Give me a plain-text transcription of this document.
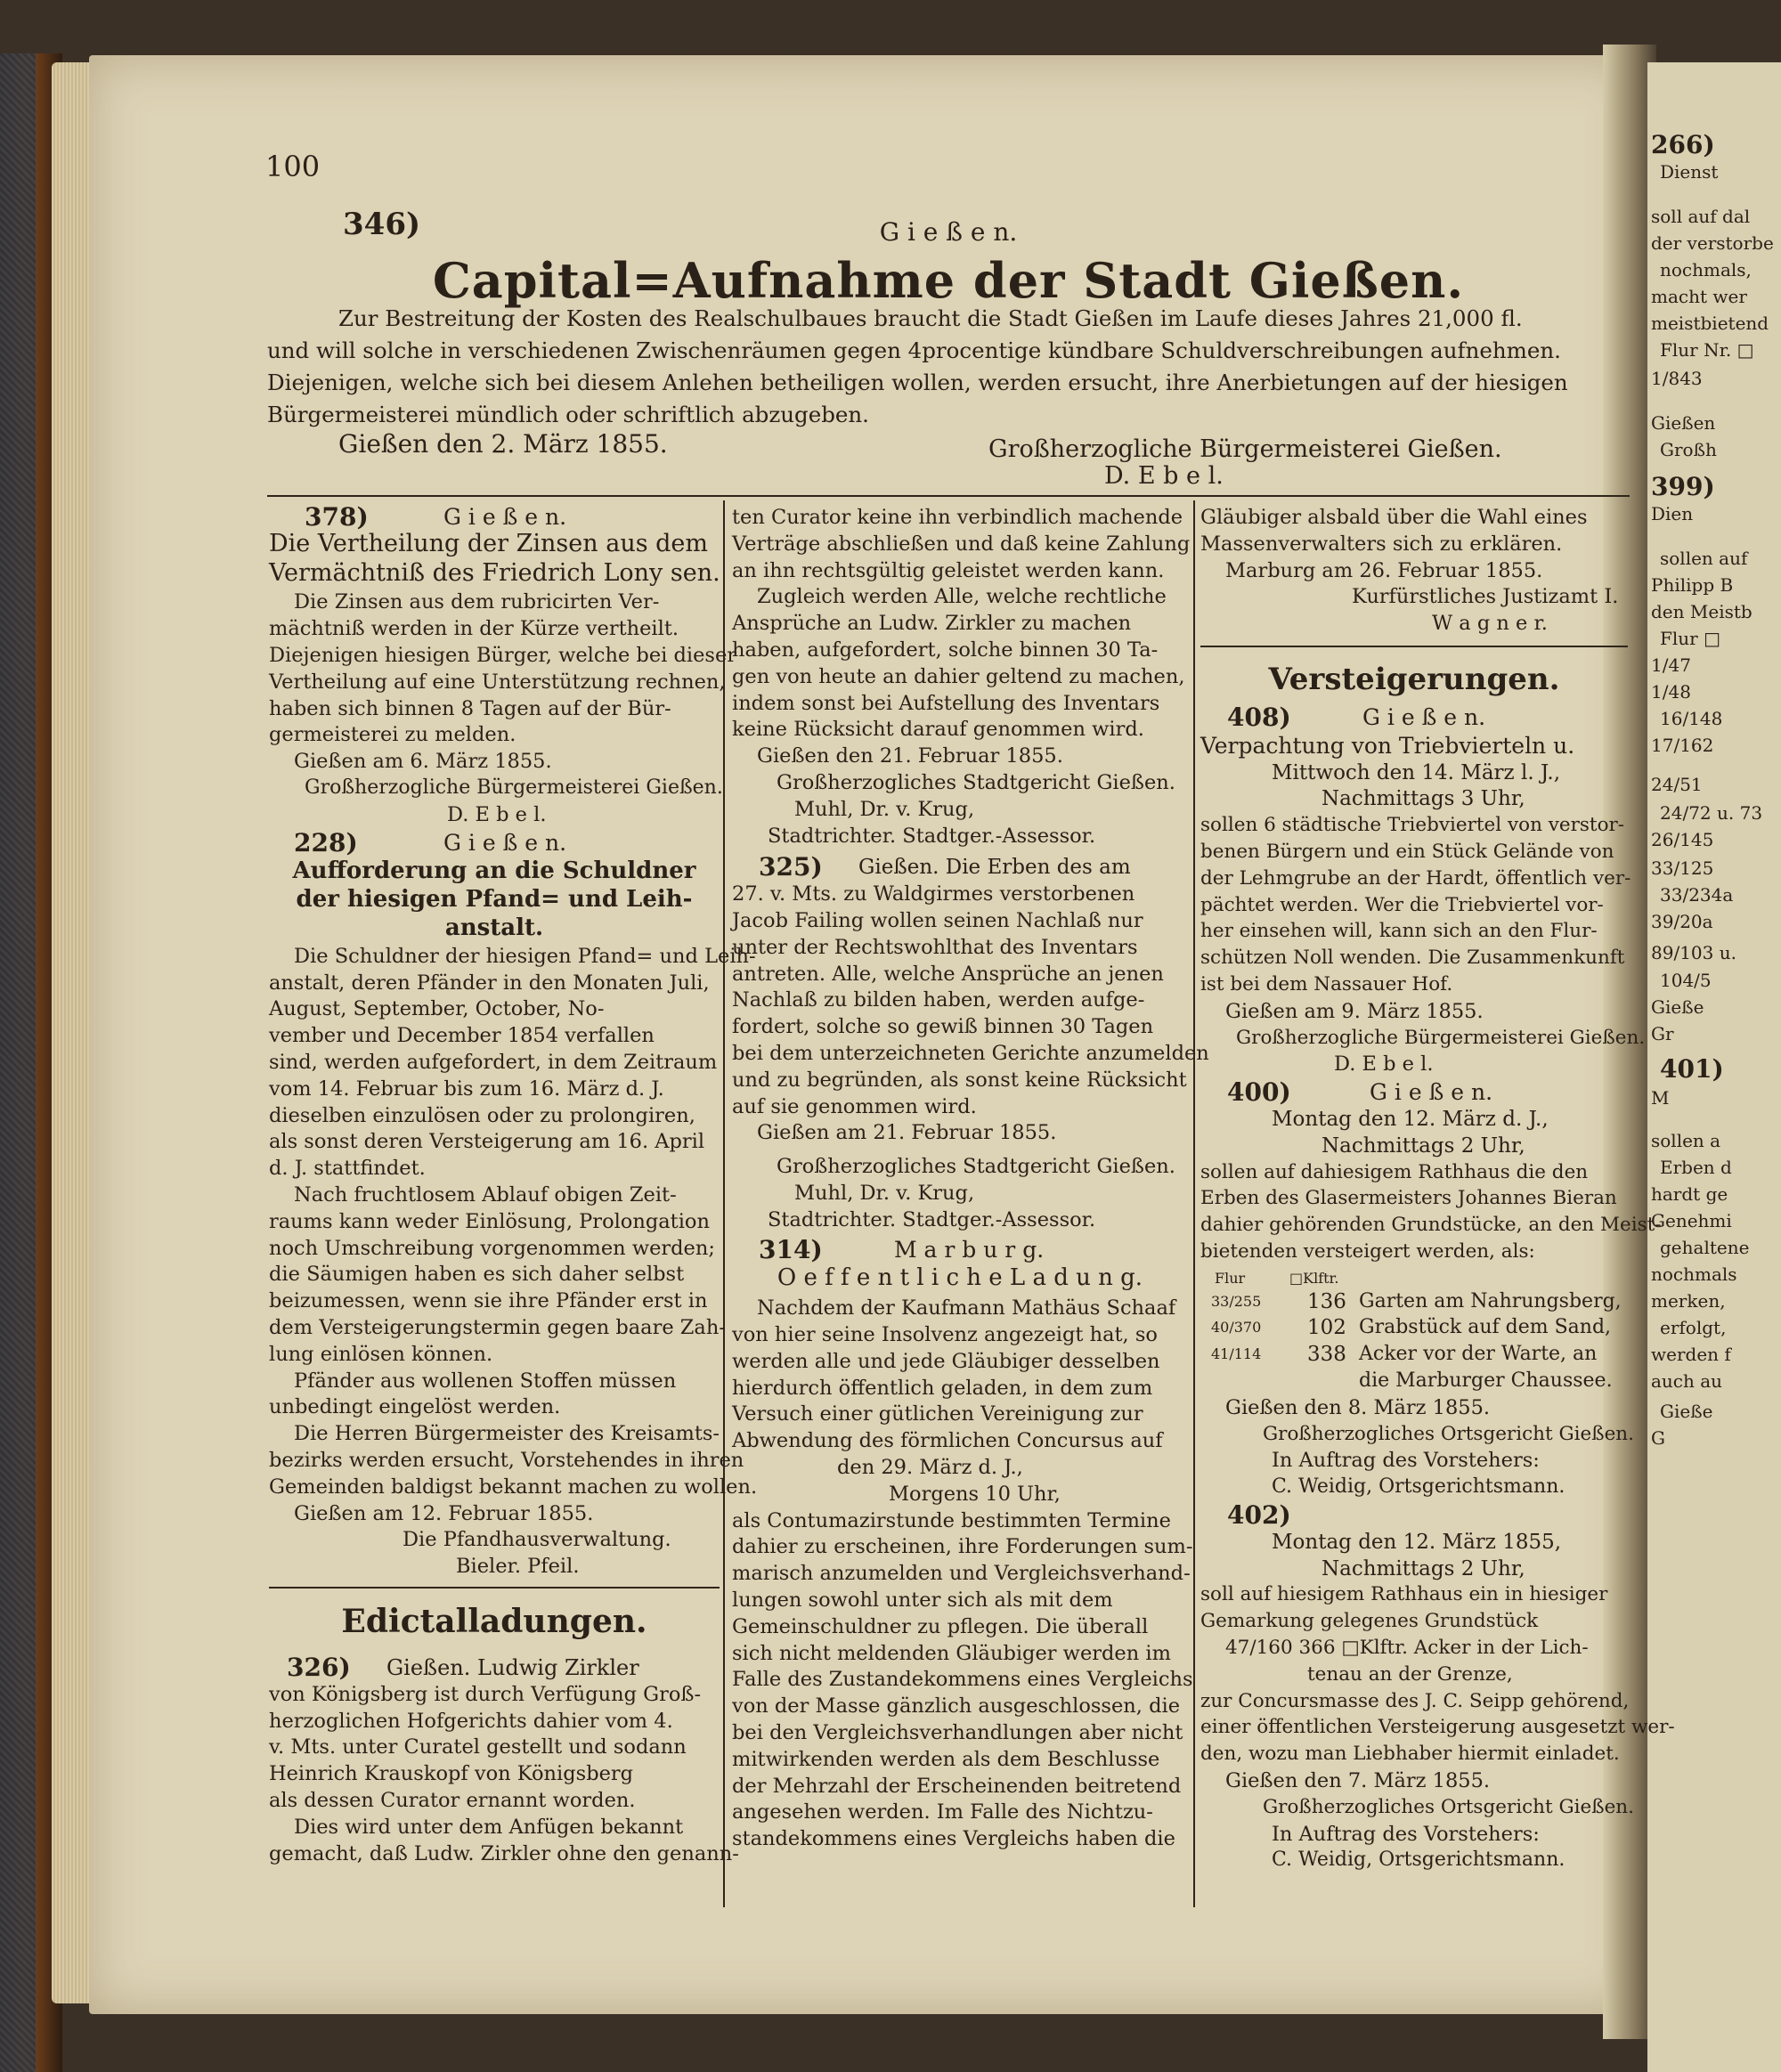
266)
Dienst
soll auf dal
der verstorbe
nochmals,
macht wer
meistbietend
Flur Nr. □
1/843
Gießen
Großh
399)
Dien
sollen auf
Philipp B
den Meistb
Flur □
1/47
1/48
16/148
17/162
24/51
24/72 u. 73
26/145
33/125
33/234a
39/20a
89/103 u.
104/5
Gieße
Gr
401)
M
sollen a
Erben d
hardt ge
Genehmi
gehaltene
nochmals
merken,
erfolgt,
werden f
auch au
Gieße
G
100
346)	G i e ß e n.
Capital=Aufnahme der Stadt Gießen.
Zur Bestreitung der Kosten des Realschulbaues braucht die Stadt Gießen im Laufe dieses Jahres 21,000 fl.
und will solche in verschiedenen Zwischenräumen gegen 4procentige kündbare Schuldverschreibungen aufnehmen.
Diejenigen, welche sich bei diesem Anlehen betheiligen wollen, werden ersucht, ihre Anerbietungen auf der hiesigen
Bürgermeisterei mündlich oder schriftlich abzugeben.
Gießen den 2. März 1855.	Großherzogliche Bürgermeisterei Gießen.
D. E b e l.
378)	G i e ß e n.
Die Vertheilung der Zinsen aus dem
Vermächtniß des Friedrich Lony sen.
Die Zinsen aus dem rubricirten Ver-
mächtniß werden in der Kürze vertheilt.
Diejenigen hiesigen Bürger, welche bei dieser
Vertheilung auf eine Unterstützung rechnen,
haben sich binnen 8 Tagen auf der Bür-
germeisterei zu melden.
Gießen am 6. März 1855.
Großherzogliche Bürgermeisterei Gießen.
D. E b e l.
228)	G i e ß e n.
Aufforderung an die Schuldner
der hiesigen Pfand= und Leih-
anstalt.
Die Schuldner der hiesigen Pfand= und Leih-
anstalt, deren Pfänder in den Monaten Juli,
August, September, October, No-
vember und December 1854 verfallen
sind, werden aufgefordert, in dem Zeitraum
vom 14. Februar bis zum 16. März d. J.
dieselben einzulösen oder zu prolongiren,
als sonst deren Versteigerung am 16. April
d. J. stattfindet.
Nach fruchtlosem Ablauf obigen Zeit-
raums kann weder Einlösung, Prolongation
noch Umschreibung vorgenommen werden;
die Säumigen haben es sich daher selbst
beizumessen, wenn sie ihre Pfänder erst in
dem Versteigerungstermin gegen baare Zah-
lung einlösen können.
Pfänder aus wollenen Stoffen müssen
unbedingt eingelöst werden.
Die Herren Bürgermeister des Kreisamts-
bezirks werden ersucht, Vorstehendes in ihren
Gemeinden baldigst bekannt machen zu wollen.
Gießen am 12. Februar 1855.
Die Pfandhausverwaltung.
Bieler. Pfeil.
Edictalladungen.
326) Gießen. Ludwig Zirkler
von Königsberg ist durch Verfügung Groß-
herzoglichen Hofgerichts dahier vom 4.
v. Mts. unter Curatel gestellt und sodann
Heinrich Krauskopf von Königsberg
als dessen Curator ernannt worden.
Dies wird unter dem Anfügen bekannt
gemacht, daß Ludw. Zirkler ohne den genann-
ten Curator keine ihn verbindlich machende
Verträge abschließen und daß keine Zahlung
an ihn rechtsgültig geleistet werden kann.
Zugleich werden Alle, welche rechtliche
Ansprüche an Ludw. Zirkler zu machen
haben, aufgefordert, solche binnen 30 Ta-
gen von heute an dahier geltend zu machen,
indem sonst bei Aufstellung des Inventars
keine Rücksicht darauf genommen wird.
Gießen den 21. Februar 1855.
Großherzogliches Stadtgericht Gießen.
Muhl, Dr. v. Krug,
Stadtrichter. Stadtger.-Assessor.
325) Gießen. Die Erben des am
27. v. Mts. zu Waldgirmes verstorbenen
Jacob Failing wollen seinen Nachlaß nur
unter der Rechtswohlthat des Inventars
antreten. Alle, welche Ansprüche an jenen
Nachlaß zu bilden haben, werden aufge-
fordert, solche so gewiß binnen 30 Tagen
bei dem unterzeichneten Gerichte anzumelden
und zu begründen, als sonst keine Rücksicht
auf sie genommen wird.
Gießen am 21. Februar 1855.
Großherzogliches Stadtgericht Gießen.
Muhl, Dr. v. Krug,
Stadtrichter. Stadtger.-Assessor.
314)	M a r b u r g.
O e f f e n t l i c h e L a d u n g.
Nachdem der Kaufmann Mathäus Schaaf
von hier seine Insolvenz angezeigt hat, so
werden alle und jede Gläubiger desselben
hierdurch öffentlich geladen, in dem zum
Versuch einer gütlichen Vereinigung zur
Abwendung des förmlichen Concursus auf
den 29. März d. J.,
Morgens 10 Uhr,
als Contumazirstunde bestimmten Termine
dahier zu erscheinen, ihre Forderungen sum-
marisch anzumelden und Vergleichsverhand-
lungen sowohl unter sich als mit dem
Gemeinschuldner zu pflegen. Die überall
sich nicht meldenden Gläubiger werden im
Falle des Zustandekommens eines Vergleichs
von der Masse gänzlich ausgeschlossen, die
bei den Vergleichsverhandlungen aber nicht
mitwirkenden werden als dem Beschlusse
der Mehrzahl der Erscheinenden beitretend
angesehen werden. Im Falle des Nichtzu-
standekommens eines Vergleichs haben die
Gläubiger alsbald über die Wahl eines
Massenverwalters sich zu erklären.
Marburg am 26. Februar 1855.
Kurfürstliches Justizamt I.
W a g n e r.
Versteigerungen.
408)	G i e ß e n.
Verpachtung von Triebvierteln u.
Mittwoch den 14. März l. J.,
Nachmittags 3 Uhr,
sollen 6 städtische Triebviertel von verstor-
benen Bürgern und ein Stück Gelände von
der Lehmgrube an der Hardt, öffentlich ver-
pächtet werden. Wer die Triebviertel vor-
her einsehen will, kann sich an den Flur-
schützen Noll wenden. Die Zusammenkunft
ist bei dem Nassauer Hof.
Gießen am 9. März 1855.
Großherzogliche Bürgermeisterei Gießen.
D. E b e l.
400)	G i e ß e n.
Montag den 12. März d. J.,
Nachmittags 2 Uhr,
sollen auf dahiesigem Rathhaus die den
Erben des Glasermeisters Johannes Bieran
dahier gehörenden Grundstücke, an den Meist-
bietenden versteigert werden, als:
Flur	□Klftr.
33/255 136 Garten am Nahrungsberg,
40/370 102 Grabstück auf dem Sand,
41/114 338 Acker vor der Warte, an
die Marburger Chaussee.
Gießen den 8. März 1855.
Großherzogliches Ortsgericht Gießen.
In Auftrag des Vorstehers:
C. Weidig, Ortsgerichtsmann.
402)
Montag den 12. März 1855,
Nachmittags 2 Uhr,
soll auf hiesigem Rathhaus ein in hiesiger
Gemarkung gelegenes Grundstück
47/160 366 □Klftr. Acker in der Lich-
tenau an der Grenze,
zur Concursmasse des J. C. Seipp gehörend,
einer öffentlichen Versteigerung ausgesetzt wer-
den, wozu man Liebhaber hiermit einladet.
Gießen den 7. März 1855.
Großherzogliches Ortsgericht Gießen.
In Auftrag des Vorstehers:
C. Weidig, Ortsgerichtsmann.
